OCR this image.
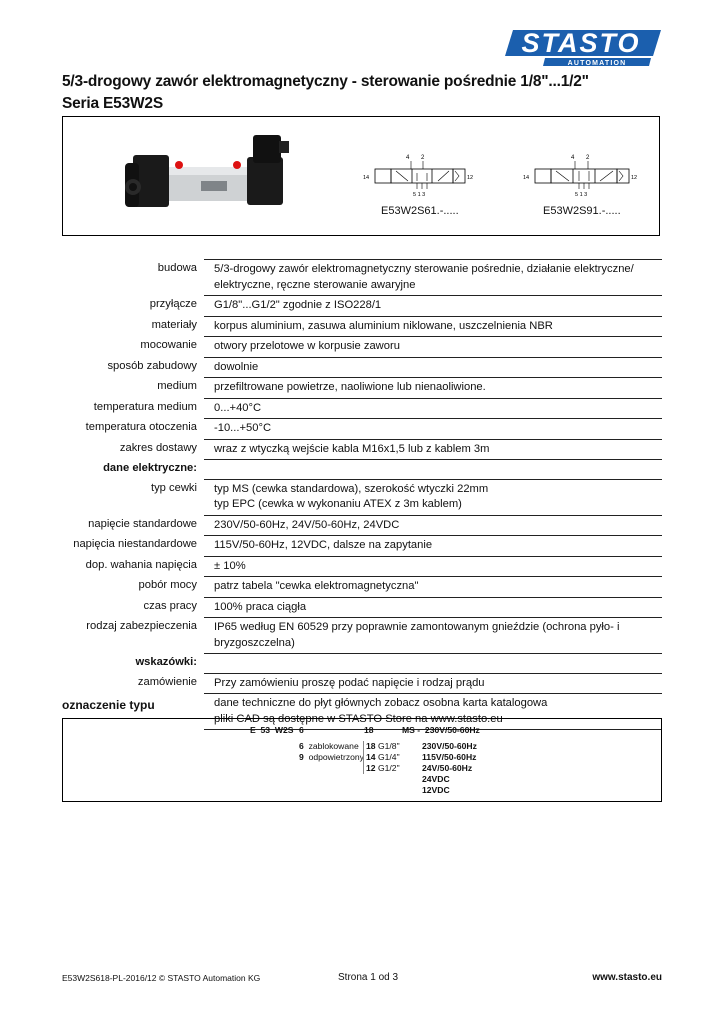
STASTO
AUTOMATION
5/3-drogowy zawór elektromagnetyczny - sterowanie pośrednie 1/8"...1/2"
Seria E53W2S
4 2
14	12
5 1 3
4 2
14	12
5 1 3
E53W2S61.-.....	E53W2S91.-.....
budowa	5/3-drogowy zawór elektromagnetyczny sterowanie pośrednie, działanie elektryczne/
elektryczne, ręczne sterowanie awaryjne
przyłącze	G1/8"...G1/2" zgodnie z ISO228/1
materiały	korpus aluminium, zasuwa aluminium niklowane, uszczelnienia NBR
mocowanie	otwory przelotowe w korpusie zaworu
sposób zabudowy	dowolnie
medium	przefiltrowane powietrze, naoliwione lub nienaoliwione.
temperatura medium	0...+40°C
temperatura otoczenia	-10...+50°C
zakres dostawy	wraz z wtyczką wejście kabla M16x1,5 lub z kablem 3m
dane elektryczne:
typ cewki	typ MS (cewka standardowa), szerokość wtyczki 22mm
typ EPC (cewka w wykonaniu ATEX z 3m kablem)
napięcie standardowe	230V/50-60Hz, 24V/50-60Hz, 24VDC
napięcia niestandardowe	115V/50-60Hz, 12VDC, dalsze na zapytanie
dop. wahania napięcia	± 10%
pobór mocy	patrz tabela "cewka elektromagnetyczna"
czas pracy	100% praca ciągła
rodzaj zabezpieczenia	IP65 według EN 60529 przy poprawnie zamontowanym gnieździe (ochrona pyło- i bryzgoszczelna)
wskazówki:
zamówienie	Przy zamówieniu proszę podać napięcie i rodzaj prądu
dane techniczne do płyt głównych zobacz osobna karta katalogowa
pliki CAD są dostępne w STASTO Store na www.stasto.eu
oznaczenie typu
E  53  W2S 6	18	MS -  230V/50-60Hz
6 zablokowane
9 odpowietrzony
18 G1/8"
14 G1/4"
12 G1/2"
230V/50-60Hz
115V/50-60Hz
24V/50-60Hz
24VDC
12VDC
E53W2S618-PL-2016/12 © STASTO Automation KG	Strona 1 od 3	www.stasto.eu
